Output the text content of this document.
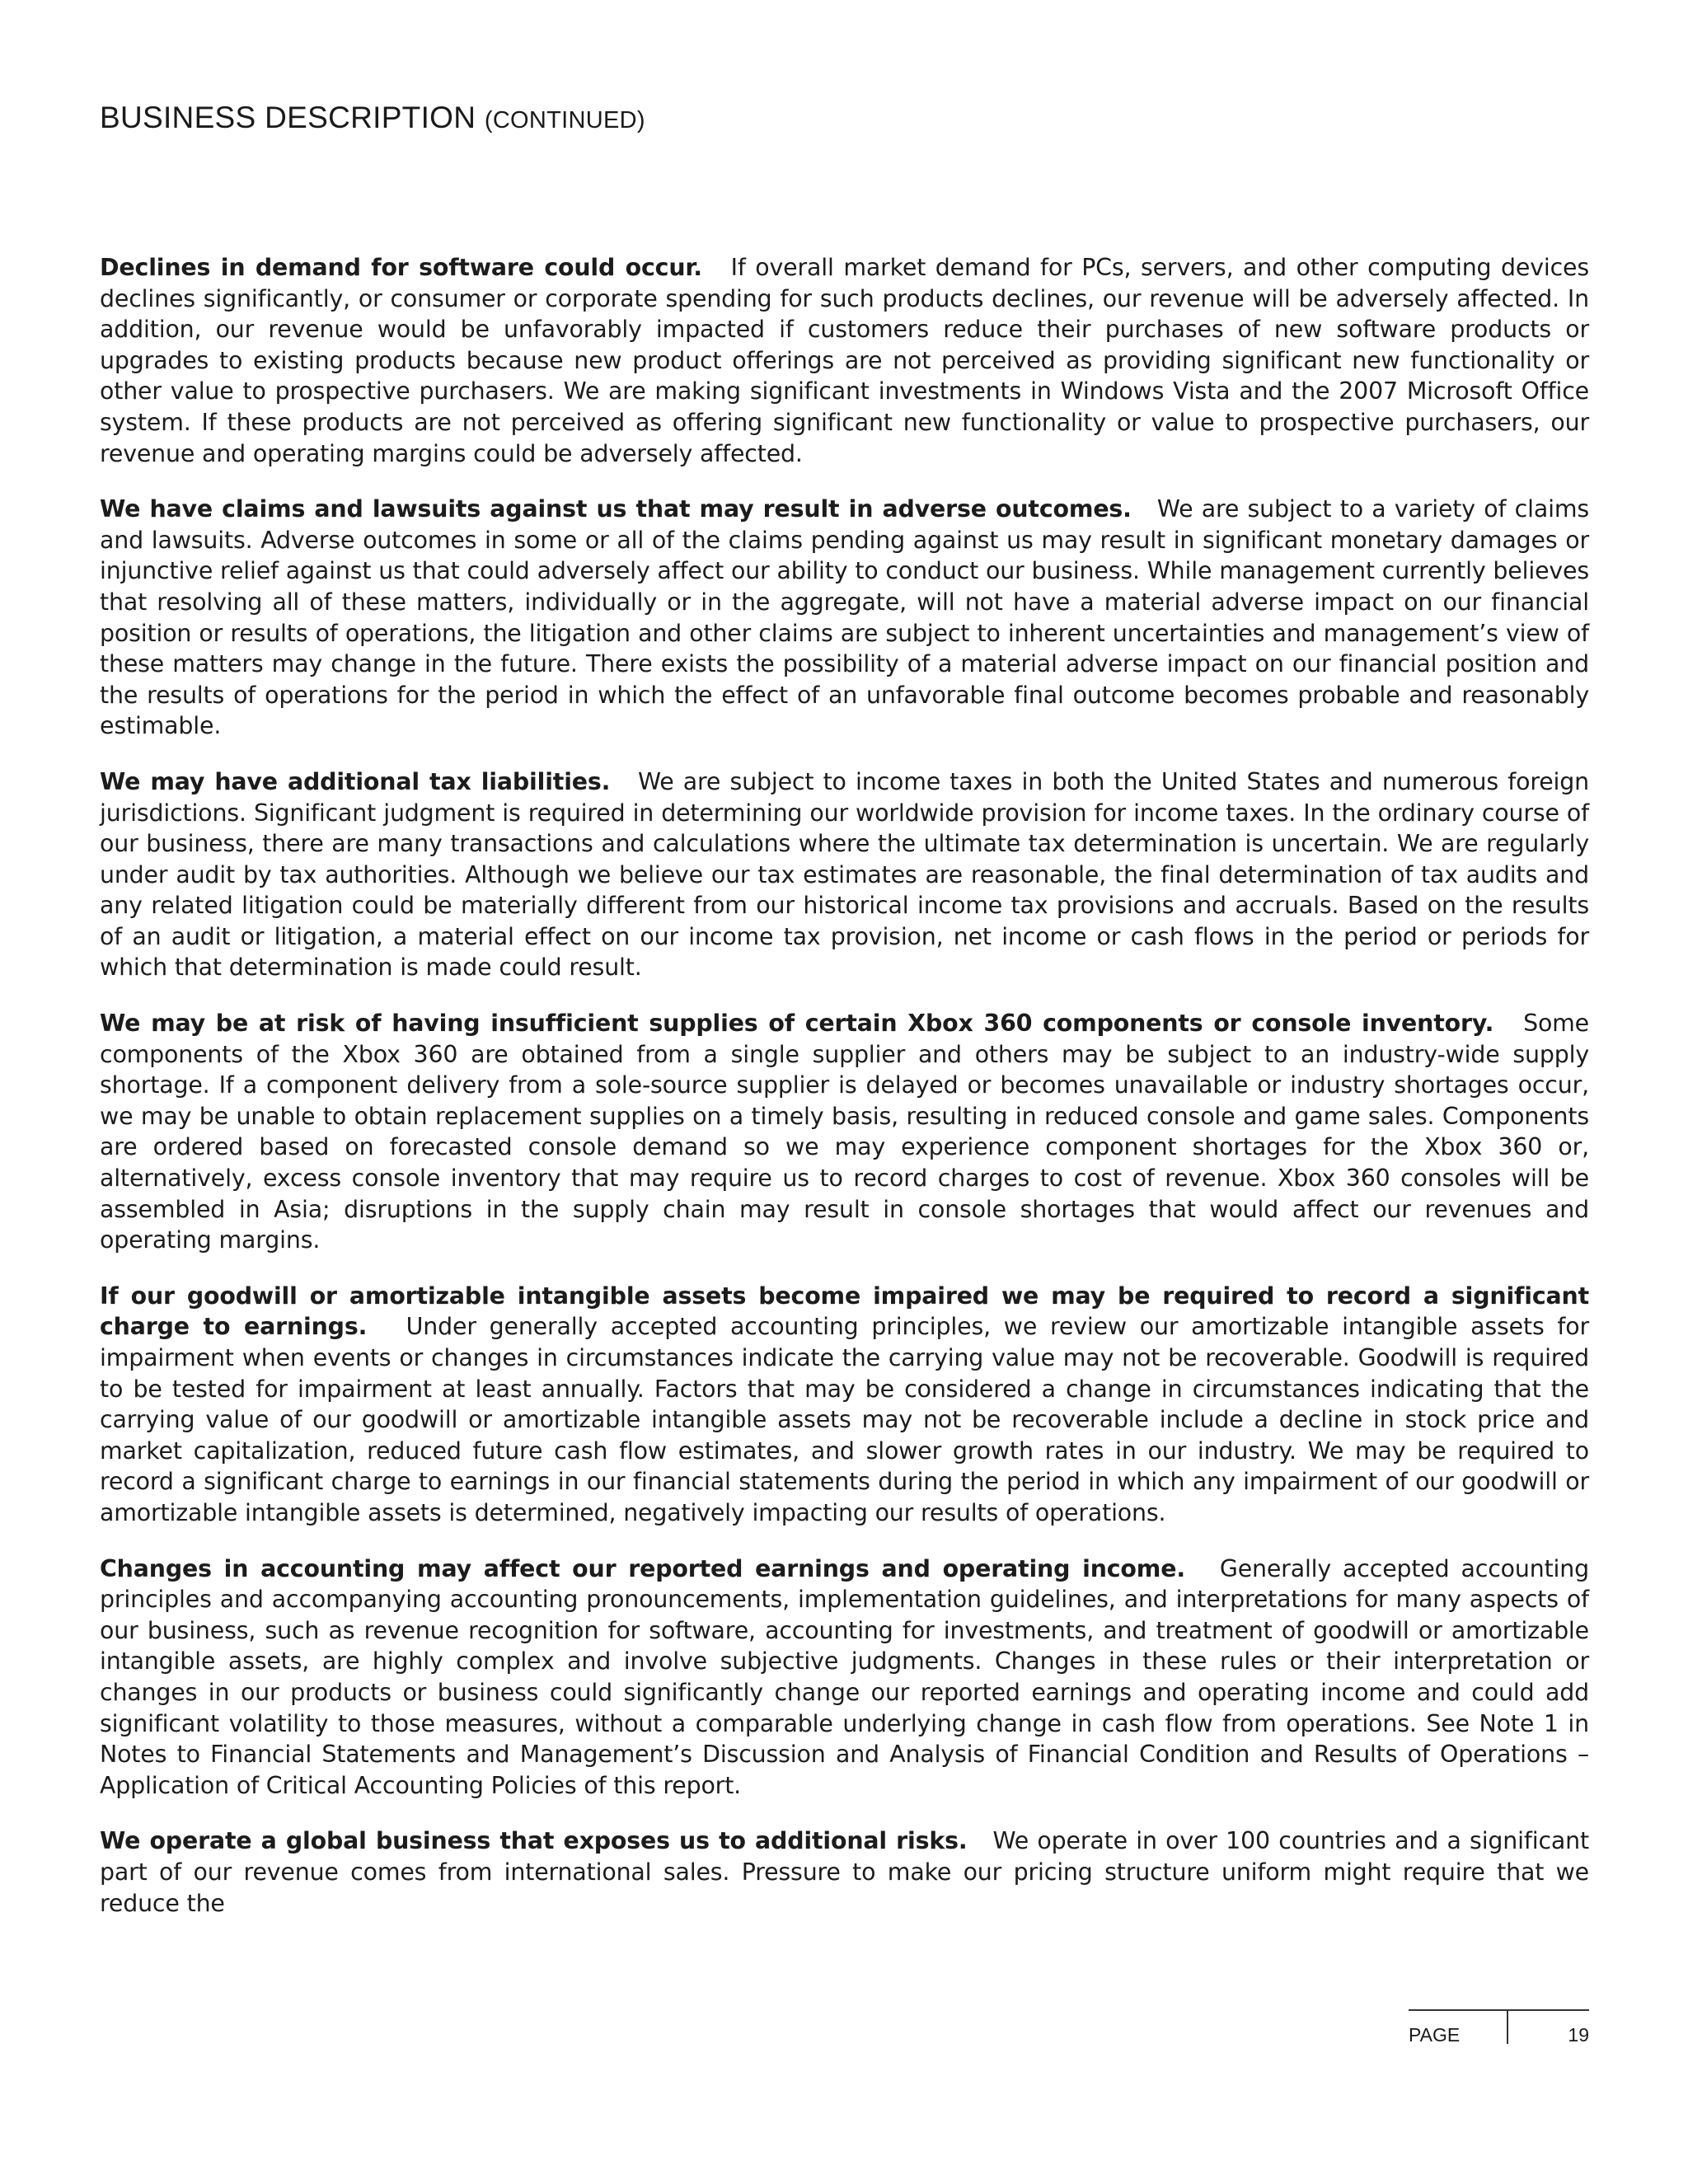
BUSINESS DESCRIPTION (CONTINUED)

Declines in demand for software could occur. If overall market demand for PCs, servers, and other computing devices declines significantly, or consumer or corporate spending for such products declines, our revenue will be adversely affected. In addition, our revenue would be unfavorably impacted if customers reduce their purchases of new software products or upgrades to existing products because new product offerings are not perceived as providing significant new functionality or other value to prospective purchasers. We are making significant investments in Windows Vista and the 2007 Microsoft Office system. If these products are not perceived as offering significant new functionality or value to prospective purchasers, our revenue and operating margins could be adversely affected.

We have claims and lawsuits against us that may result in adverse outcomes. We are subject to a variety of claims and lawsuits. Adverse outcomes in some or all of the claims pending against us may result in significant monetary damages or injunctive relief against us that could adversely affect our ability to conduct our business. While management currently believes that resolving all of these matters, individually or in the aggregate, will not have a material adverse impact on our financial position or results of operations, the litigation and other claims are subject to inherent uncertainties and management’s view of these matters may change in the future. There exists the possibility of a material adverse impact on our financial position and the results of operations for the period in which the effect of an unfavorable final outcome becomes probable and reasonably estimable.

We may have additional tax liabilities. We are subject to income taxes in both the United States and numerous foreign jurisdictions. Significant judgment is required in determining our worldwide provision for income taxes. In the ordinary course of our business, there are many transactions and calculations where the ultimate tax determination is uncertain. We are regularly under audit by tax authorities. Although we believe our tax estimates are reasonable, the final determination of tax audits and any related litigation could be materially different from our historical income tax provisions and accruals. Based on the results of an audit or litigation, a material effect on our income tax provision, net income or cash flows in the period or periods for which that determination is made could result.

We may be at risk of having insufficient supplies of certain Xbox 360 components or console inventory. Some components of the Xbox 360 are obtained from a single supplier and others may be subject to an industry-wide supply shortage. If a component delivery from a sole-source supplier is delayed or becomes unavailable or industry shortages occur, we may be unable to obtain replacement supplies on a timely basis, resulting in reduced console and game sales. Components are ordered based on forecasted console demand so we may experience component shortages for the Xbox 360 or, alternatively, excess console inventory that may require us to record charges to cost of revenue. Xbox 360 consoles will be assembled in Asia; disruptions in the supply chain may result in console shortages that would affect our revenues and operating margins.

If our goodwill or amortizable intangible assets become impaired we may be required to record a significant charge to earnings. Under generally accepted accounting principles, we review our amortizable intangible assets for impairment when events or changes in circumstances indicate the carrying value may not be recoverable. Goodwill is required to be tested for impairment at least annually. Factors that may be considered a change in circumstances indicating that the carrying value of our goodwill or amortizable intangible assets may not be recoverable include a decline in stock price and market capitalization, reduced future cash flow estimates, and slower growth rates in our industry. We may be required to record a significant charge to earnings in our financial statements during the period in which any impairment of our goodwill or amortizable intangible assets is determined, negatively impacting our results of operations.

Changes in accounting may affect our reported earnings and operating income. Generally accepted accounting principles and accompanying accounting pronouncements, implementation guidelines, and interpretations for many aspects of our business, such as revenue recognition for software, accounting for investments, and treatment of goodwill or amortizable intangible assets, are highly complex and involve subjective judgments. Changes in these rules or their interpretation or changes in our products or business could significantly change our reported earnings and operating income and could add significant volatility to those measures, without a comparable underlying change in cash flow from operations. See Note 1 in Notes to Financial Statements and Management’s Discussion and Analysis of Financial Condition and Results of Operations – Application of Critical Accounting Policies of this report.

We operate a global business that exposes us to additional risks. We operate in over 100 countries and a significant part of our revenue comes from international sales. Pressure to make our pricing structure uniform might require that we reduce the

PAGE	19
